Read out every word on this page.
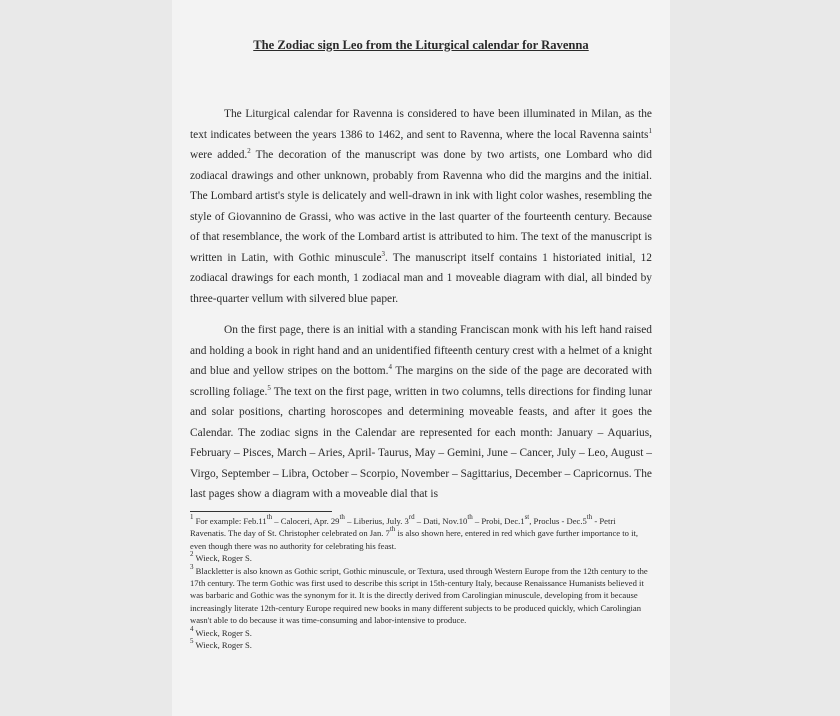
The Zodiac sign Leo from the Liturgical calendar for Ravenna

The Liturgical calendar for Ravenna is considered to have been illuminated in Milan, as the text indicates between the years 1386 to 1462, and sent to Ravenna, where the local Ravenna saints$^1$ were added.$^2$ The decoration of the manuscript was done by two artists, one Lombard who did zodiacal drawings and other unknown, probably from Ravenna who did the margins and the initial. The Lombard artist's style is delicately and well-drawn in ink with light color washes, resembling the style of Giovannino de Grassi, who was active in the last quarter of the fourteenth century. Because of that resemblance, the work of the Lombard artist is attributed to him. The text of the manuscript is written in Latin, with Gothic minuscule$^3$. The manuscript itself contains 1 historiated initial, 12 zodiacal drawings for each month, 1 zodiacal man and 1 moveable diagram with dial, all binded by three-quarter vellum with silvered blue paper.

On the first page, there is an initial with a standing Franciscan monk with his left hand raised and holding a book in right hand and an unidentified fifteenth century crest with a helmet of a knight and blue and yellow stripes on the bottom.$^4$ The margins on the side of the page are decorated with scrolling foliage.$^5$ The text on the first page, written in two columns, tells directions for finding lunar and solar positions, charting horoscopes and determining moveable feasts, and after it goes the Calendar. The zodiac signs in the Calendar are represented for each month: January – Aquarius, February – Pisces, March – Aries, April- Taurus, May – Gemini, June – Cancer, July – Leo, August – Virgo, September – Libra, October – Scorpio, November – Sagittarius, December – Capricornus. The last pages show a diagram with a moveable dial that is

$^1$ For example: Feb.11th – Caloceri, Apr. 29th – Liberius, July. 3rd – Dati, Nov.10th – Probi, Dec.1st, Proclus - Dec.5th - Petri Ravenatis. The day of St. Christopher celebrated on Jan. 7th is also shown here, entered in red which gave further importance to it, even though there was no authority for celebrating his feast.

$^2$ Wieck, Roger S.

$^3$ Blackletter is also known as Gothic script, Gothic minuscule, or Textura, used through Western Europe from the 12th century to the 17th century. The term Gothic was first used to describe this script in 15th-century Italy, because Renaissance Humanists believed it was barbaric and Gothic was the synonym for it. It is the directly derived from Carolingian minuscule, developing from it because increasingly literate 12th-century Europe required new books in many different subjects to be produced quickly, which Carolingian wasn't able to do because it was time-consuming and labor-intensive to produce.

$^4$ Wieck, Roger S.

$^5$ Wieck, Roger S.
